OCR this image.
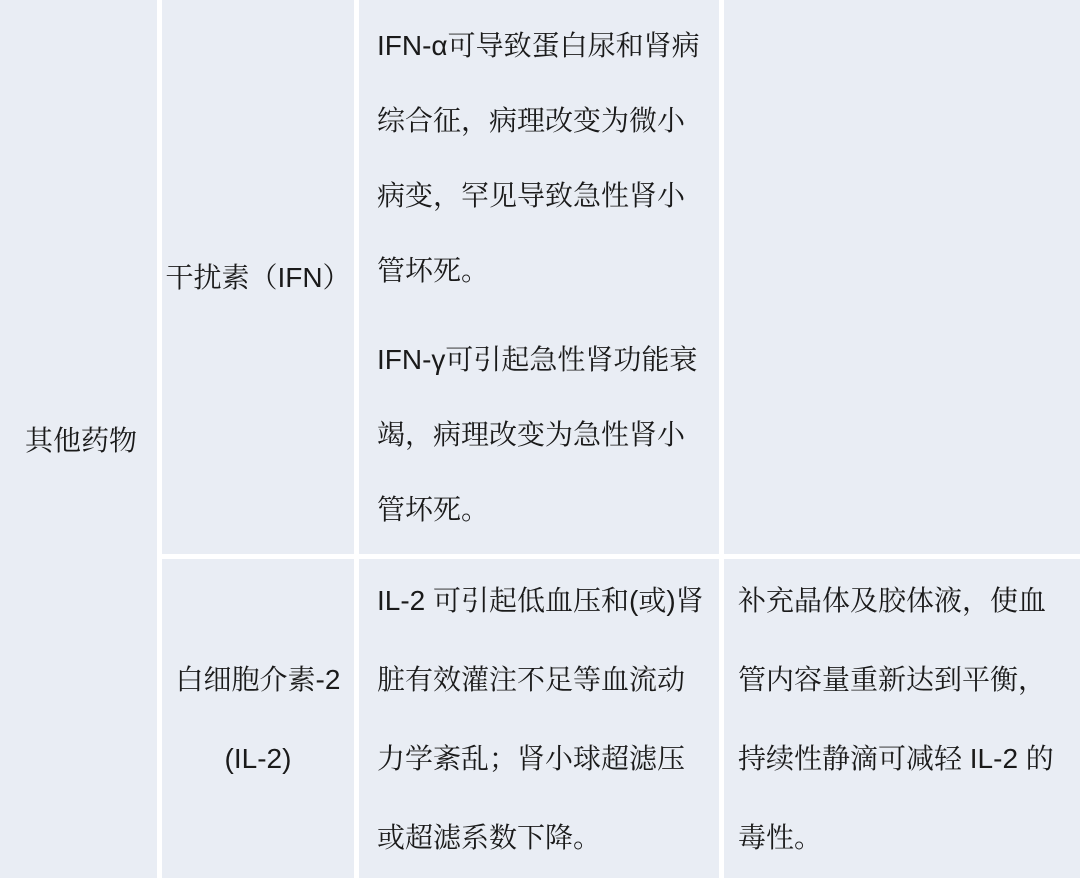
其他药物
干扰素（IFN）
IFN-α可导致蛋白尿和肾病综合征，病理改变为微小病变，罕见导致急性肾小管坏死。
IFN-γ可引起急性肾功能衰竭，病理改变为急性肾小管坏死。
白细胞介素-2
(IL-2)
IL-2 可引起低血压和(或)肾脏有效灌注不足等血流动力学紊乱；肾小球超滤压或超滤系数下降。
补充晶体及胶体液，使血管内容量重新达到平衡，持续性静滴可减轻 IL-2 的毒性。
